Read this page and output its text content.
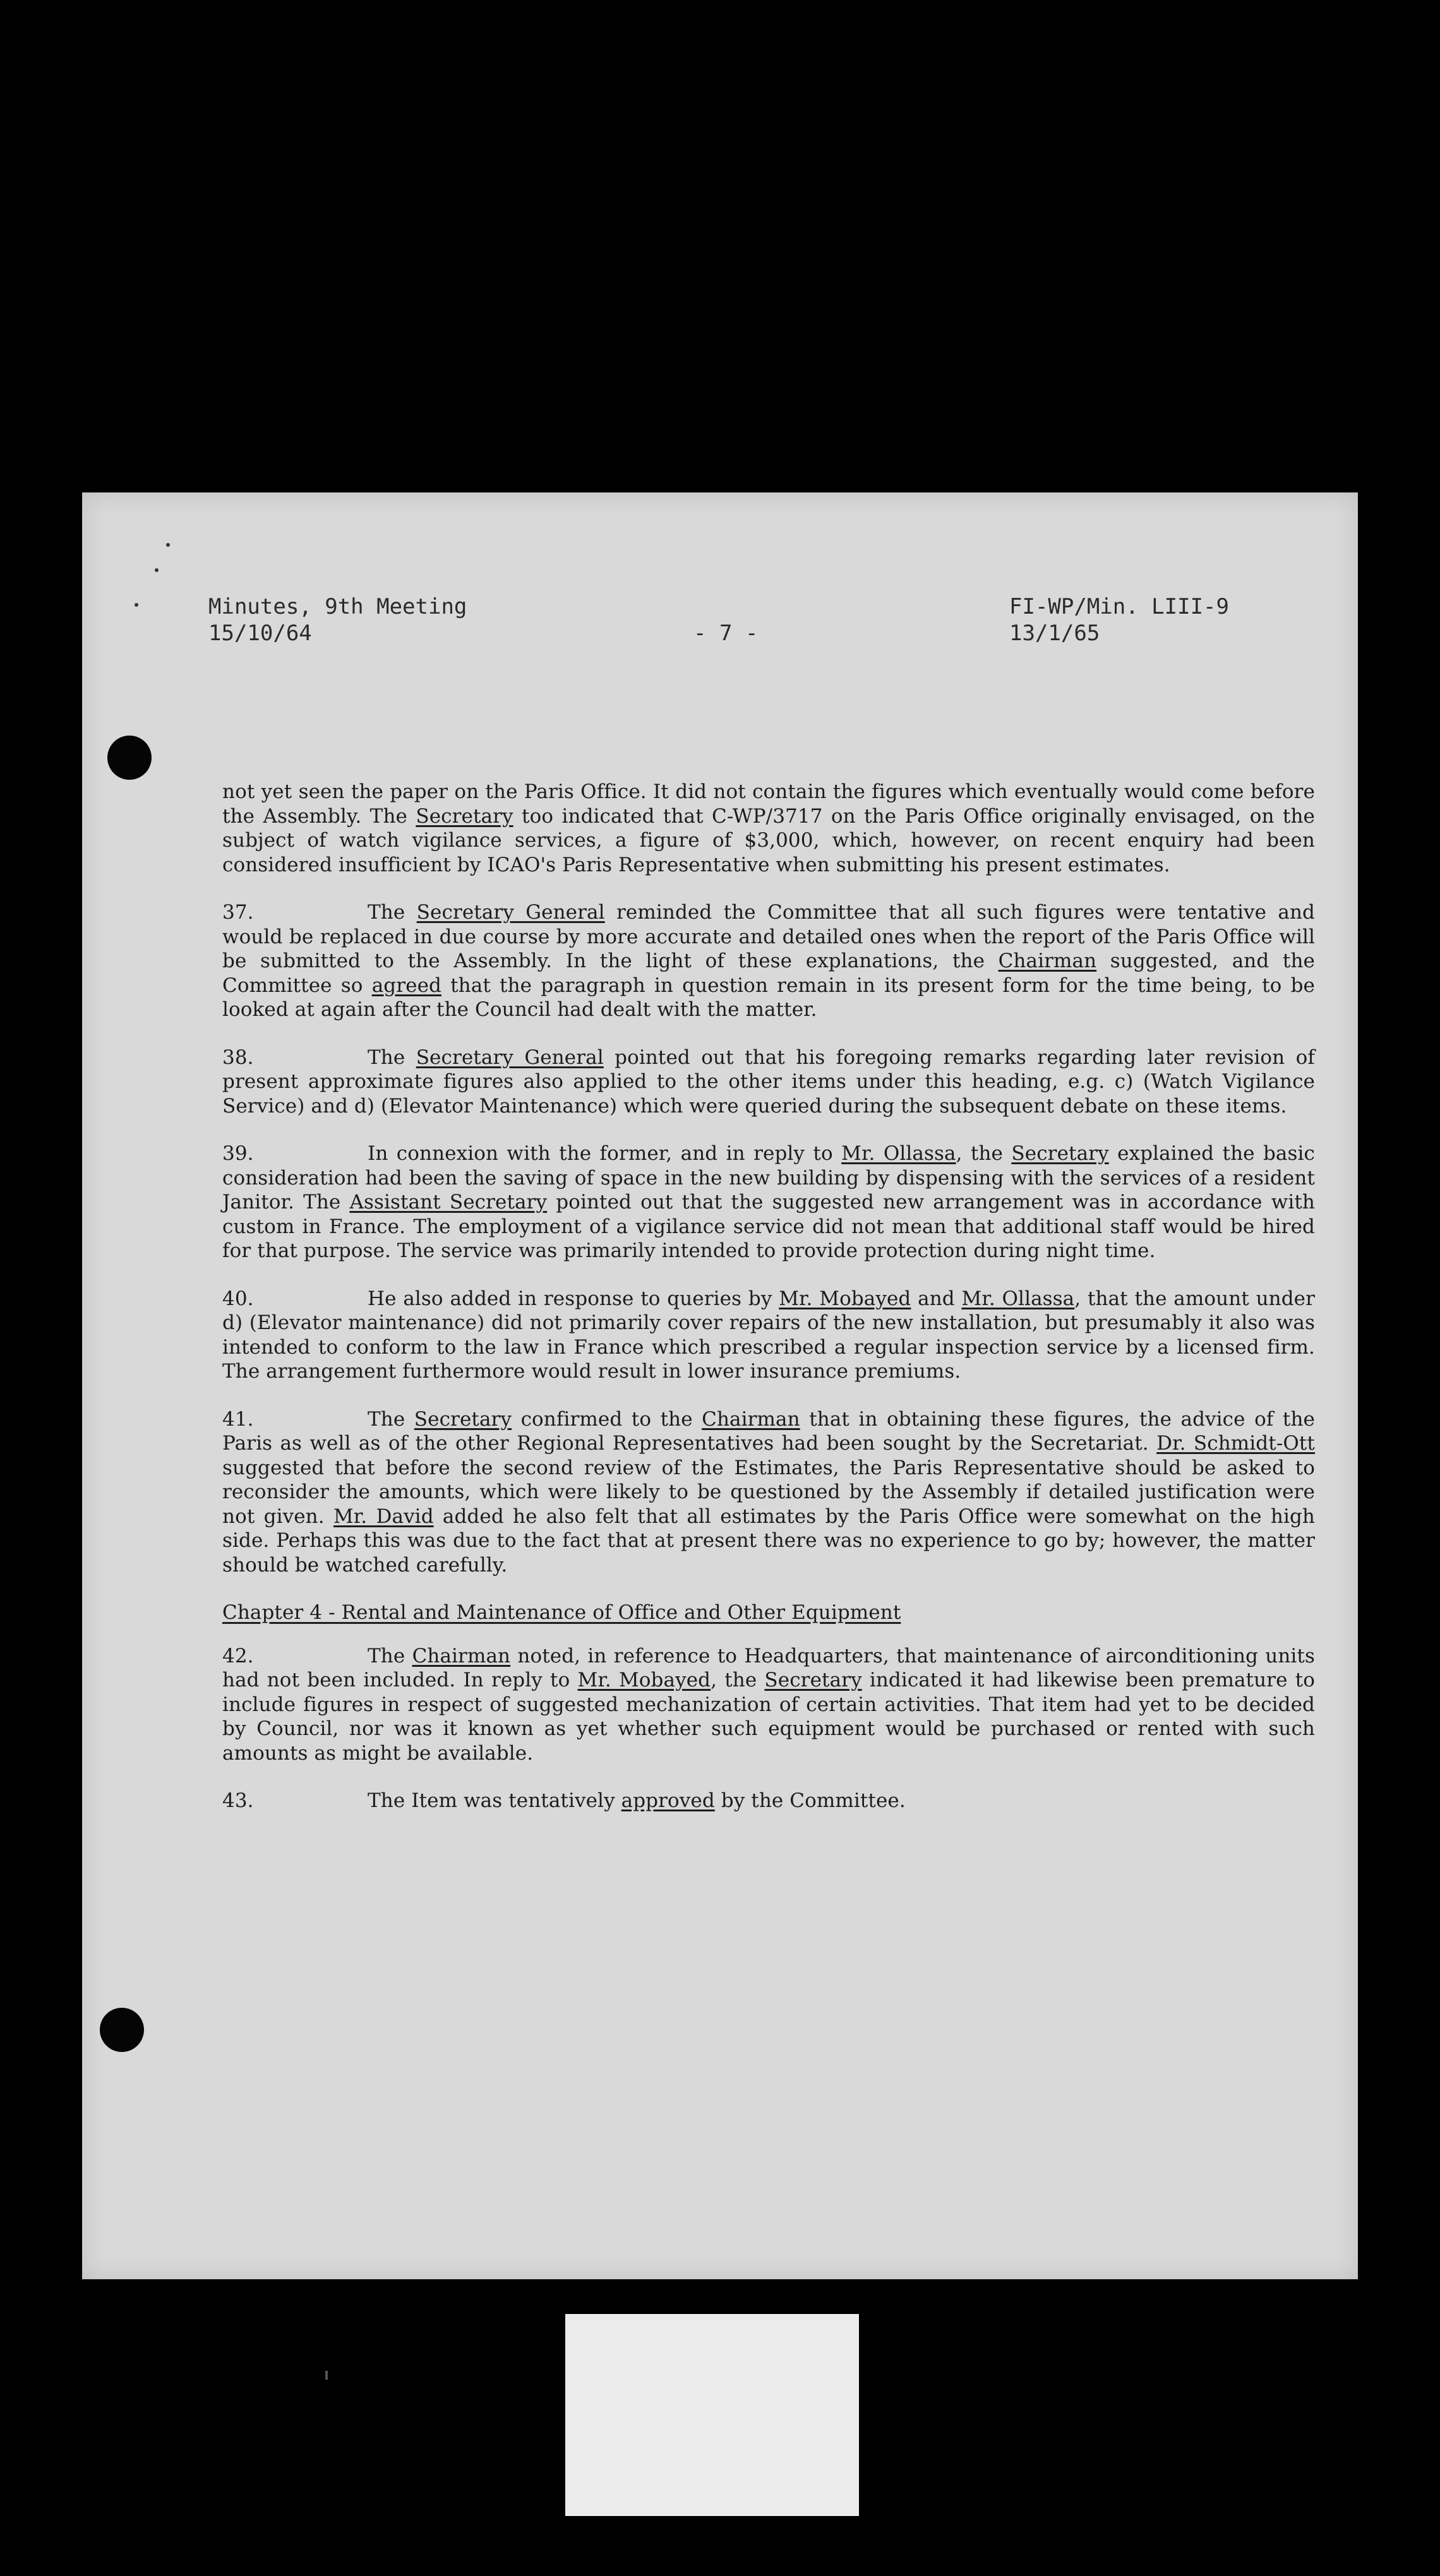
Minutes, 9th Meeting
15/10/64	- 7 -
FI-WP/Min. LIII-9
13/1/65

not yet seen the paper on the Paris Office. It did not contain the figures which eventually would come before the Assembly. The Secretary too indicated that C-WP/3717 on the Paris Office originally envisaged, on the subject of watch vigilance services, a figure of $3,000, which, however, on recent enquiry had been considered insufficient by ICAO's Paris Representative when submitting his present estimates.

37.	The Secretary General reminded the Committee that all such figures were tentative and would be replaced in due course by more accurate and detailed ones when the report of the Paris Office will be submitted to the Assembly. In the light of these explanations, the Chairman suggested, and the Committee so agreed that the paragraph in question remain in its present form for the time being, to be looked at again after the Council had dealt with the matter.

38.	The Secretary General pointed out that his foregoing remarks regarding later revision of present approximate figures also applied to the other items under this heading, e.g. c) (Watch Vigilance Service) and d) (Elevator Maintenance) which were queried during the subsequent debate on these items.

39.	In connexion with the former, and in reply to Mr. Ollassa, the Secretary explained the basic consideration had been the saving of space in the new building by dispensing with the services of a resident Janitor. The Assistant Secretary pointed out that the suggested new arrangement was in accordance with custom in France. The employment of a vigilance service did not mean that additional staff would be hired for that purpose. The service was primarily intended to provide protection during night time.

40.	He also added in response to queries by Mr. Mobayed and Mr. Ollassa, that the amount under d) (Elevator maintenance) did not primarily cover repairs of the new installation, but presumably it also was intended to conform to the law in France which prescribed a regular inspection service by a licensed firm. The arrangement furthermore would result in lower insurance premiums.

41.	The Secretary confirmed to the Chairman that in obtaining these figures, the advice of the Paris as well as of the other Regional Representatives had been sought by the Secretariat. Dr. Schmidt-Ott suggested that before the second review of the Estimates, the Paris Representative should be asked to reconsider the amounts, which were likely to be questioned by the Assembly if detailed justification were not given. Mr. David added he also felt that all estimates by the Paris Office were somewhat on the high side. Perhaps this was due to the fact that at present there was no experience to go by; however, the matter should be watched carefully.

Chapter 4 - Rental and Maintenance of Office and Other Equipment

42.	The Chairman noted, in reference to Headquarters, that maintenance of airconditioning units had not been included. In reply to Mr. Mobayed, the Secretary indicated it had likewise been premature to include figures in respect of suggested mechanization of certain activities. That item had yet to be decided by Council, nor was it known as yet whether such equipment would be purchased or rented with such amounts as might be available.

43.	The Item was tentatively approved by the Committee.
